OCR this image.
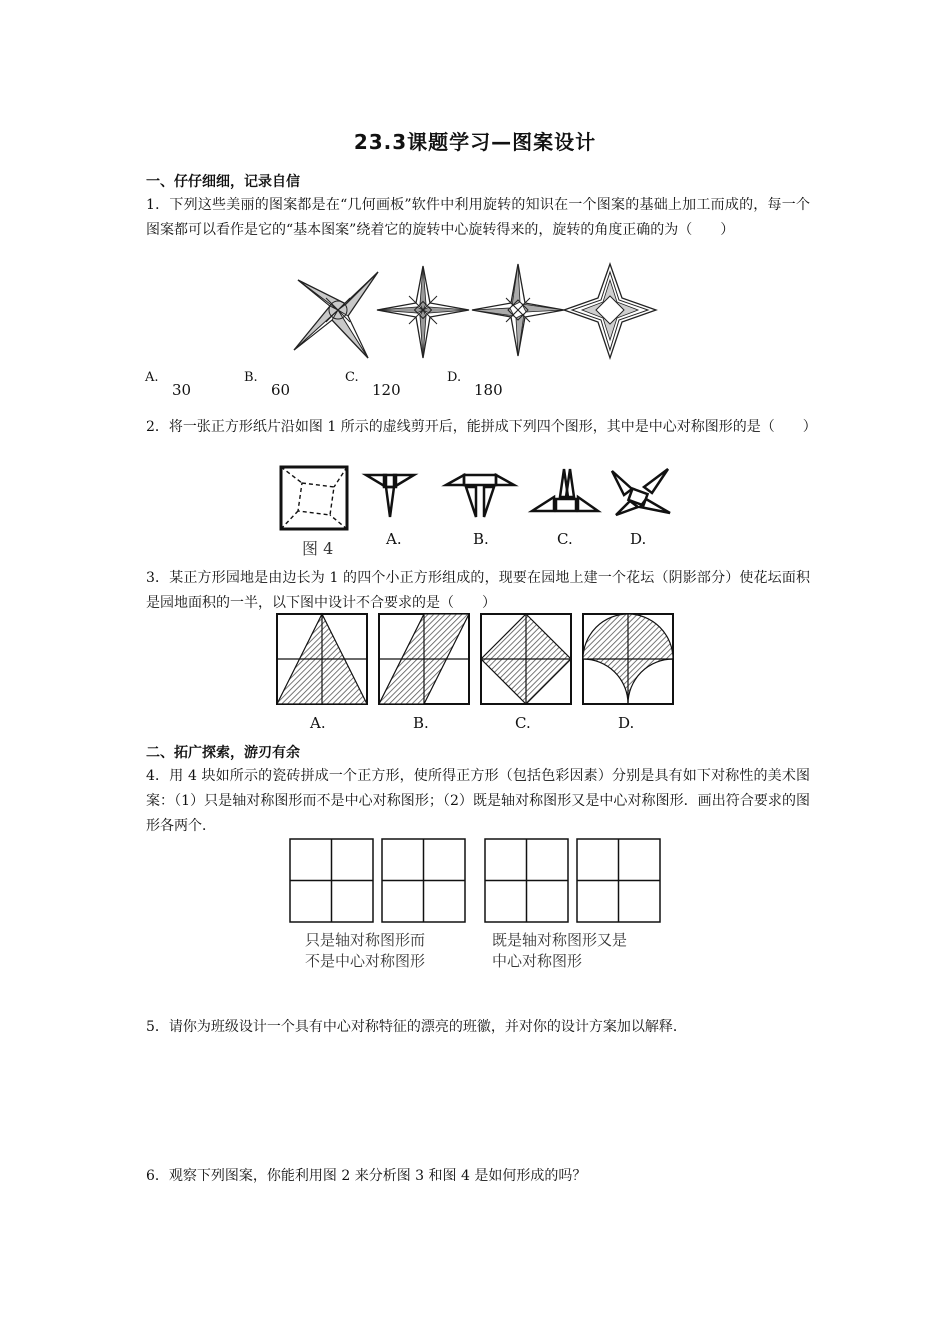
23.3课题学习—图案设计
一、仔仔细细，记录自信
1．下列这些美丽的图案都是在“几何画板”软件中利用旋转的知识在一个图案的基础上加工而成的，每一个图案都可以看作是它的“基本图案”绕着它的旋转中心旋转得来的，旋转的角度正确的为（　　）
A.
30
B.
60
C.
120
D.
180
2．将一张正方形纸片沿如图 1 所示的虚线剪开后，能拼成下列四个图形，其中是中心对称图形的是（　　）
图 4	A.	B.	C.	D.
3．某正方形园地是由边长为 1 的四个小正方形组成的，现要在园地上建一个花坛（阴影部分）使花坛面积是园地面积的一半，以下图中设计不合要求的是（　　）
A.	B.	C.	D.
二、拓广探索，游刃有余
4．用 4 块如所示的瓷砖拼成一个正方形，使所得正方形（包括色彩因素）分别是具有如下对称性的美术图案：（1）只是轴对称图形而不是中心对称图形；（2）既是轴对称图形又是中心对称图形．画出符合要求的图形各两个．
只是轴对称图形而
不是中心对称图形
既是轴对称图形又是
中心对称图形
5．请你为班级设计一个具有中心对称特征的漂亮的班徽，并对你的设计方案加以解释．
6．观察下列图案，你能利用图 2 来分析图 3 和图 4 是如何形成的吗？
